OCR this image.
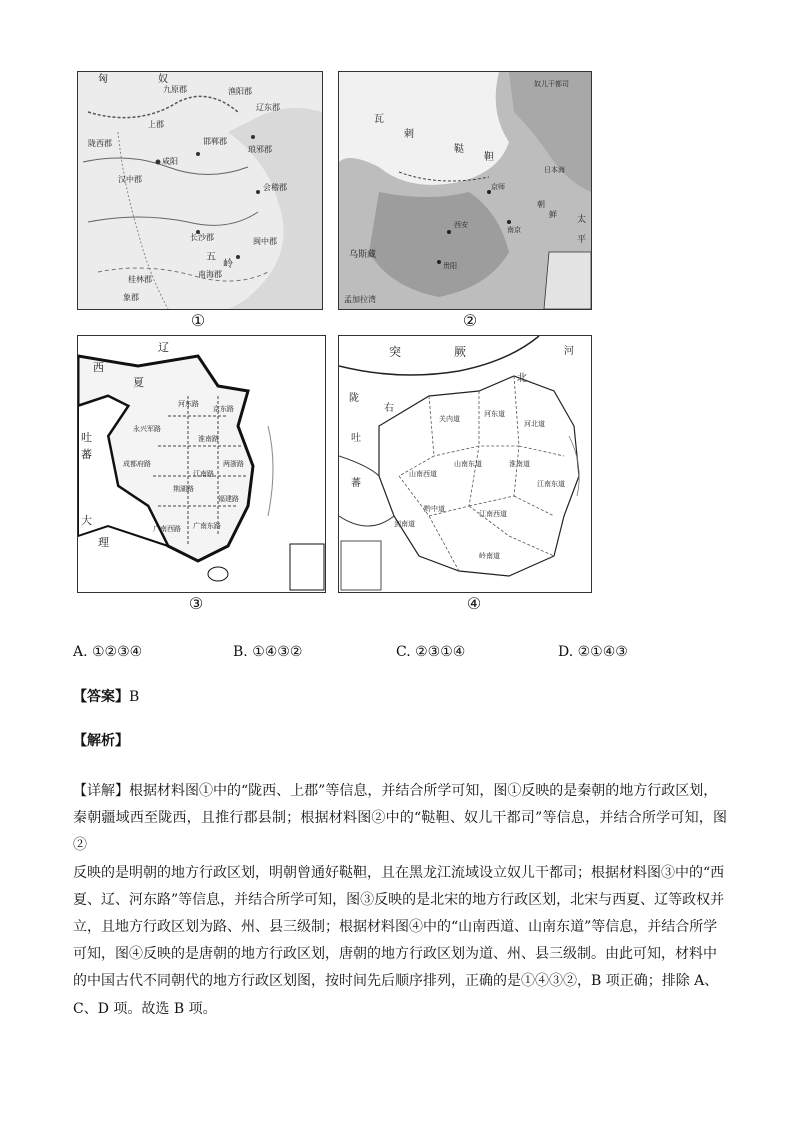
匈	奴
辽东郡
陇西郡
上郡
咸阳
邯郸郡
琅邪郡
会稽郡
长沙郡	闽中郡
南海郡
桂林郡
象郡
汉中郡
九原郡	渔阳郡
五
岭
①
瓦
剌
鞑
靼
奴儿干都司
日本海
朝
鲜
西安
京师
南京
贵阳
太
平
乌斯藏
孟加拉湾
②
辽
西
夏
吐
蕃
大
理
河东路
永兴军路
京东路
淮南路
两浙路
江南路
荆湖路
福建路
广南西路 广南东路
成都府路
③
突	厥
北
河
陇
右
吐
蕃
关内道
河东道
河北道
山南西道
山南东道	淮南道
江南西道
江南东道
黔中道
剑南道
岭南道
④
A. ①②③④	B. ①④③②	C. ②③①④	D. ②①④③
【答案】B
【解析】
【详解】根据材料图①中的“陇西、上郡”等信息，并结合所学可知，图①反映的是秦朝的地方行政区划，
秦朝疆域西至陇西，且推行郡县制；根据材料图②中的“鞑靼、奴儿干都司”等信息，并结合所学可知，图②
反映的是明朝的地方行政区划，明朝曾通好鞑靼，且在黑龙江流域设立奴儿干都司；根据材料图③中的“西
夏、辽、河东路”等信息，并结合所学可知，图③反映的是北宋的地方行政区划，北宋与西夏、辽等政权并
立，且地方行政区划为路、州、县三级制；根据材料图④中的“山南西道、山南东道”等信息，并结合所学
可知，图④反映的是唐朝的地方行政区划，唐朝的地方行政区划为道、州、县三级制。由此可知，材料中
的中国古代不同朝代的地方行政区划图，按时间先后顺序排列，正确的是①④③②，B 项正确；排除 A、
C、D 项。故选 B 项。
